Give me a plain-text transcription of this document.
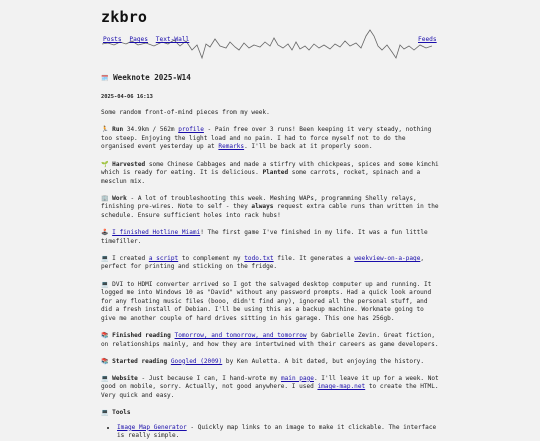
zkbro
Posts Pages Text-Wall	Feeds
🗓️ Weeknote 2025-W14
2025-04-06 16:13

Some random front-of-mind pieces from my week.

🏃 Run 34.9km / 562m profile - Pain free over 3 runs! Been keeping it very steady, nothing too steep. Enjoying the light load and no pain. I had to force myself not to do the organised event yesterday up at Remarks. I'll be back at it properly soon.

🌱 Harvested some Chinese Cabbages and made a stirfry with chickpeas, spices and some kimchi which is ready for eating. It is delicious. Planted some carrots, rocket, spinach and a mesclun mix.

🏢 Work - A lot of troubleshooting this week. Meshing WAPs, programming Shelly relays, finishing pre-wires. Note to self - they always request extra cable runs than written in the schedule. Ensure sufficient holes into rack hubs!

🕹️ I finished Hotline Miami! The first game I've finished in my life. It was a fun little timefiller.

💻 I created a script to complement my todo.txt file. It generates a weekview-on-a-page, perfect for printing and sticking on the fridge.

💻 DVI to HDMI converter arrived so I got the salvaged desktop computer up and running. It logged me into Windows 10 as "David" without any password prompts. Had a quick look around for any floating music files (booo, didn't find any), ignored all the personal stuff, and did a fresh install of Debian. I'll be using this as a backup machine. Workmate going to give me another couple of hard drives sitting in his garage. This one has 256gb.

📚 Finished reading Tomorrow, and tomorrow, and tomorrow by Gabrielle Zevin. Great fiction, on relationships mainly, and how they are intertwined with their careers as game developers.

📚 Started reading Googled (2009) by Ken Auletta. A bit dated, but enjoying the history.

💻 Website - Just because I can, I hand-wrote my main page. I'll leave it up for a week. Not good on mobile, sorry. Actually, not good anywhere. I used image-map.net to create the HTML. Very quick and easy.

💻 Tools

• Image Map Generator - Quickly map links to an image to make it clickable. The interface is really simple.
